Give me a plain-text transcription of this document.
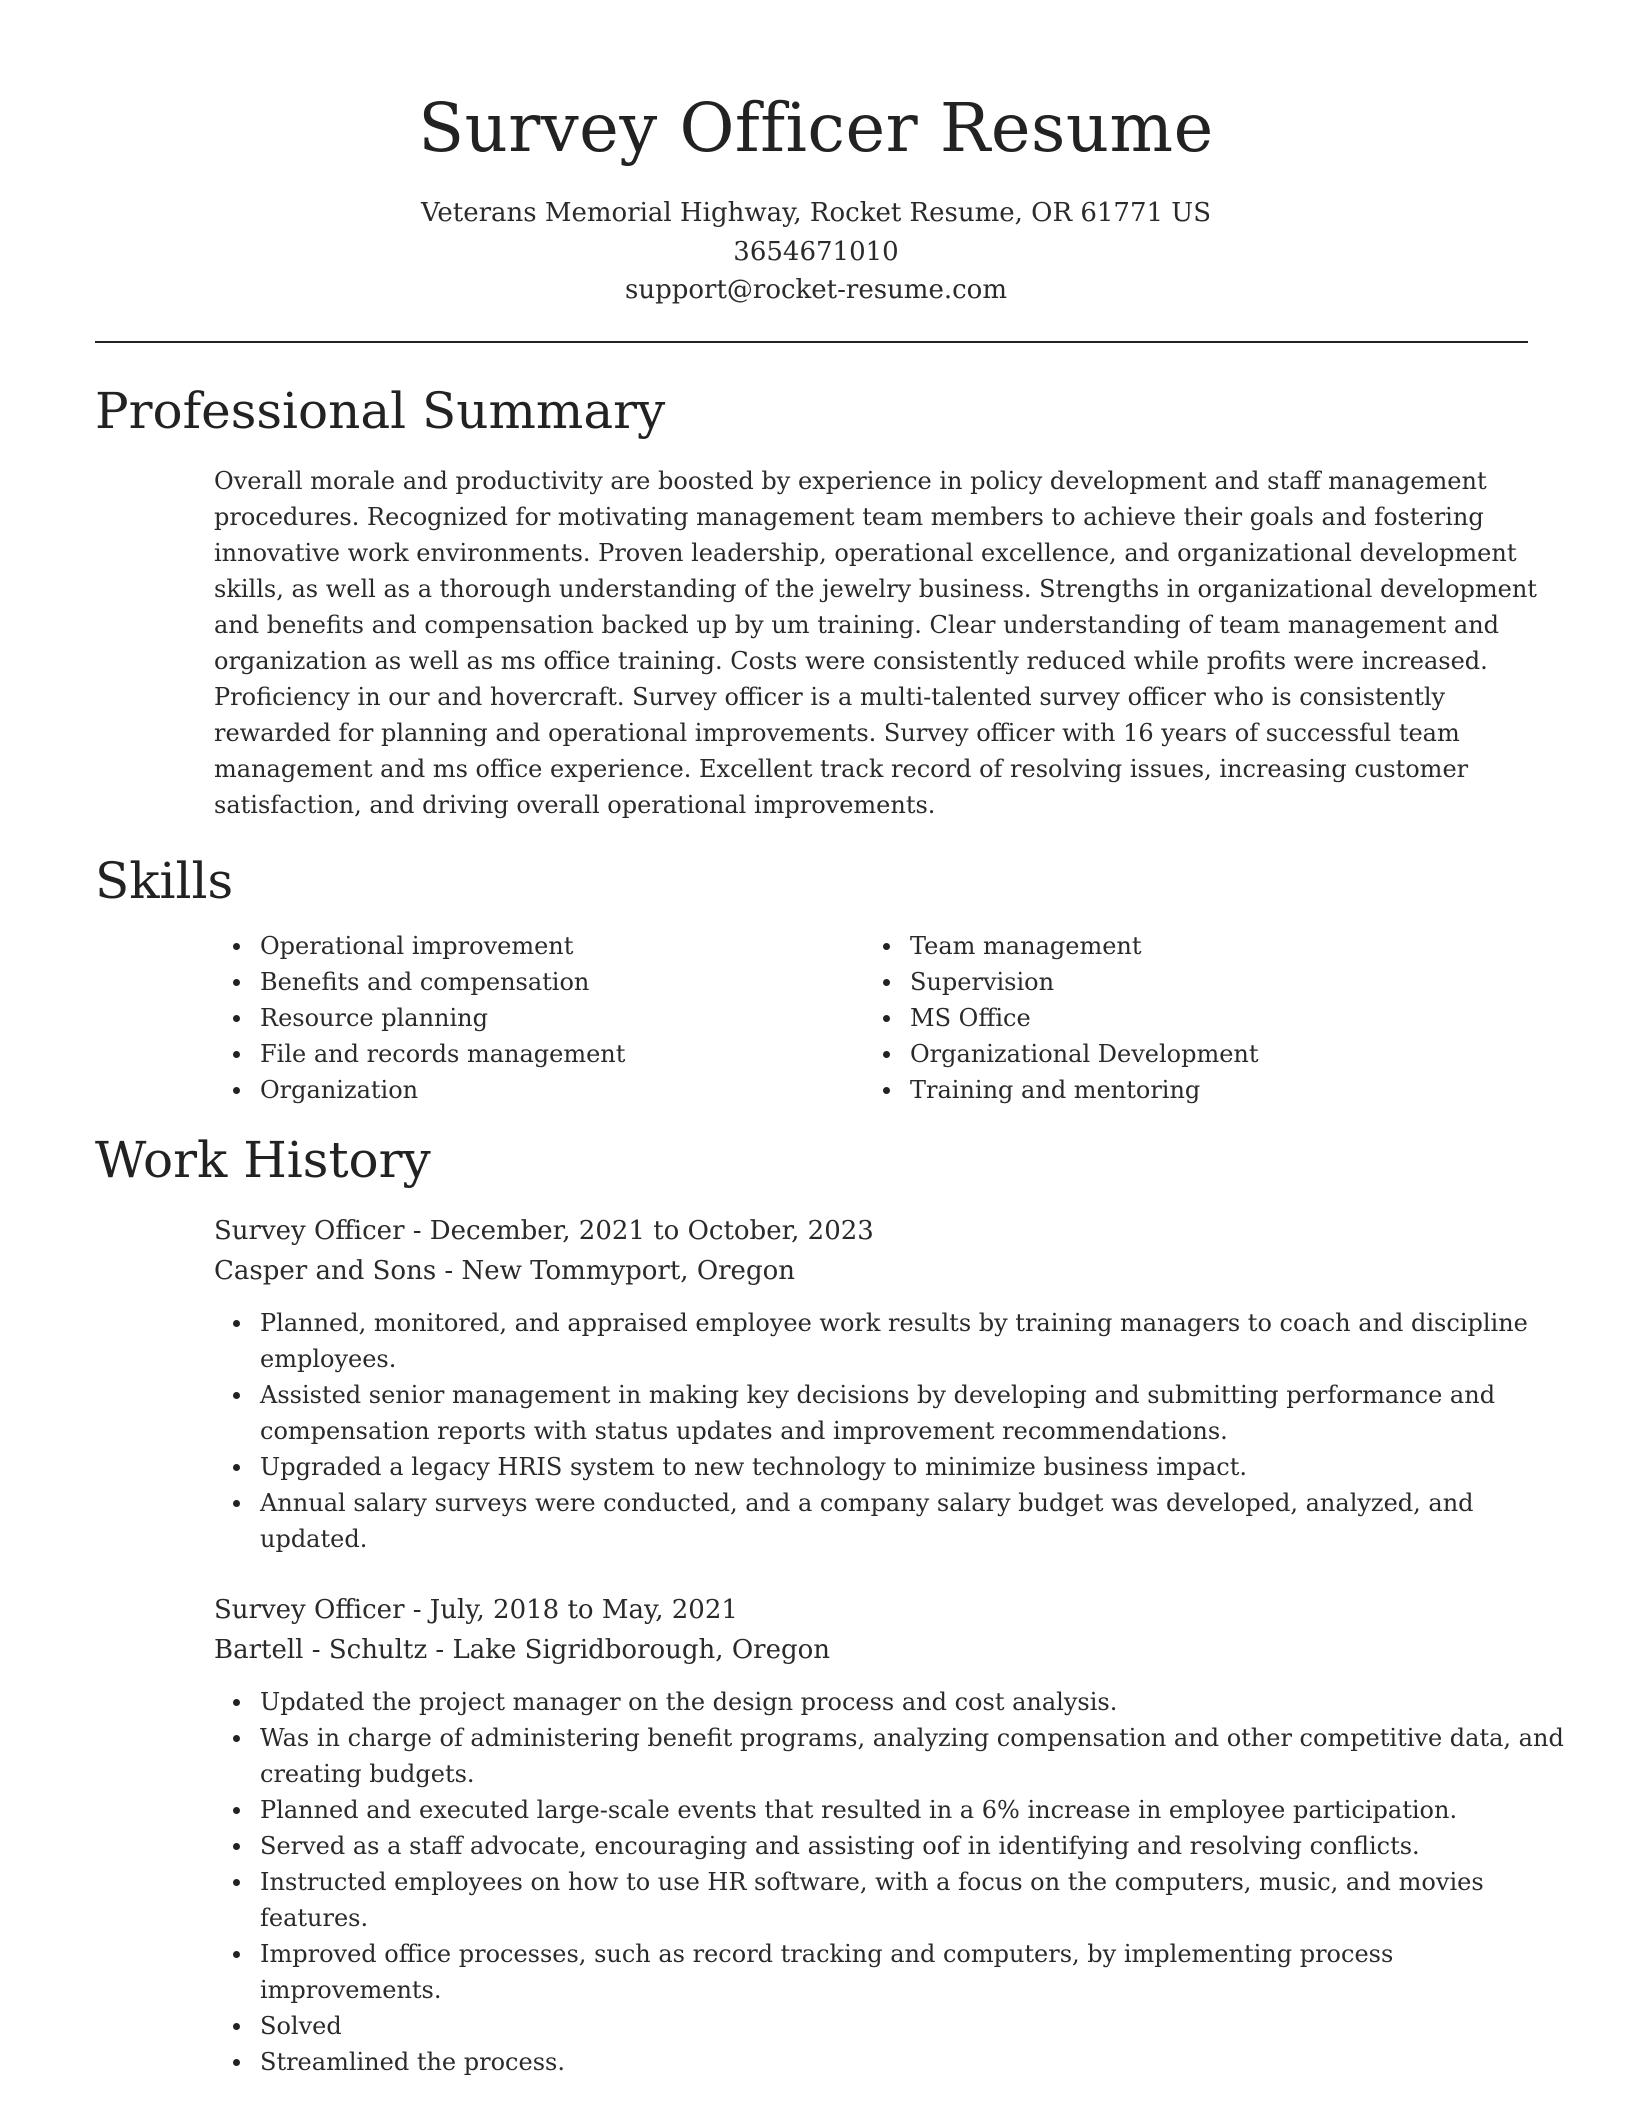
Survey Officer Resume
Veterans Memorial Highway, Rocket Resume, OR 61771 US
3654671010
support@rocket-resume.com
Professional Summary
Overall morale and productivity are boosted by experience in policy development and staff management
procedures. Recognized for motivating management team members to achieve their goals and fostering
innovative work environments. Proven leadership, operational excellence, and organizational development
skills, as well as a thorough understanding of the jewelry business. Strengths in organizational development
and benefits and compensation backed up by um training. Clear understanding of team management and
organization as well as ms office training. Costs were consistently reduced while profits were increased.
Proficiency in our and hovercraft. Survey officer is a multi-talented survey officer who is consistently
rewarded for planning and operational improvements. Survey officer with 16 years of successful team
management and ms office experience. Excellent track record of resolving issues, increasing customer
satisfaction, and driving overall operational improvements.
Skills
Operational improvement
Benefits and compensation
Resource planning
File and records management
Organization
Team management
Supervision
MS Office
Organizational Development
Training and mentoring
Work History
Survey Officer - December, 2021 to October, 2023
Casper and Sons - New Tommyport, Oregon
Planned, monitored, and appraised employee work results by training managers to coach and discipline
employees.
Assisted senior management in making key decisions by developing and submitting performance and
compensation reports with status updates and improvement recommendations.
Upgraded a legacy HRIS system to new technology to minimize business impact.
Annual salary surveys were conducted, and a company salary budget was developed, analyzed, and
updated.
Survey Officer - July, 2018 to May, 2021
Bartell - Schultz - Lake Sigridborough, Oregon
Updated the project manager on the design process and cost analysis.
Was in charge of administering benefit programs, analyzing compensation and other competitive data, and
creating budgets.
Planned and executed large-scale events that resulted in a 6% increase in employee participation.
Served as a staff advocate, encouraging and assisting oof in identifying and resolving conflicts.
Instructed employees on how to use HR software, with a focus on the computers, music, and movies
features.
Improved office processes, such as record tracking and computers, by implementing process
improvements.
Solved
Streamlined the process.
